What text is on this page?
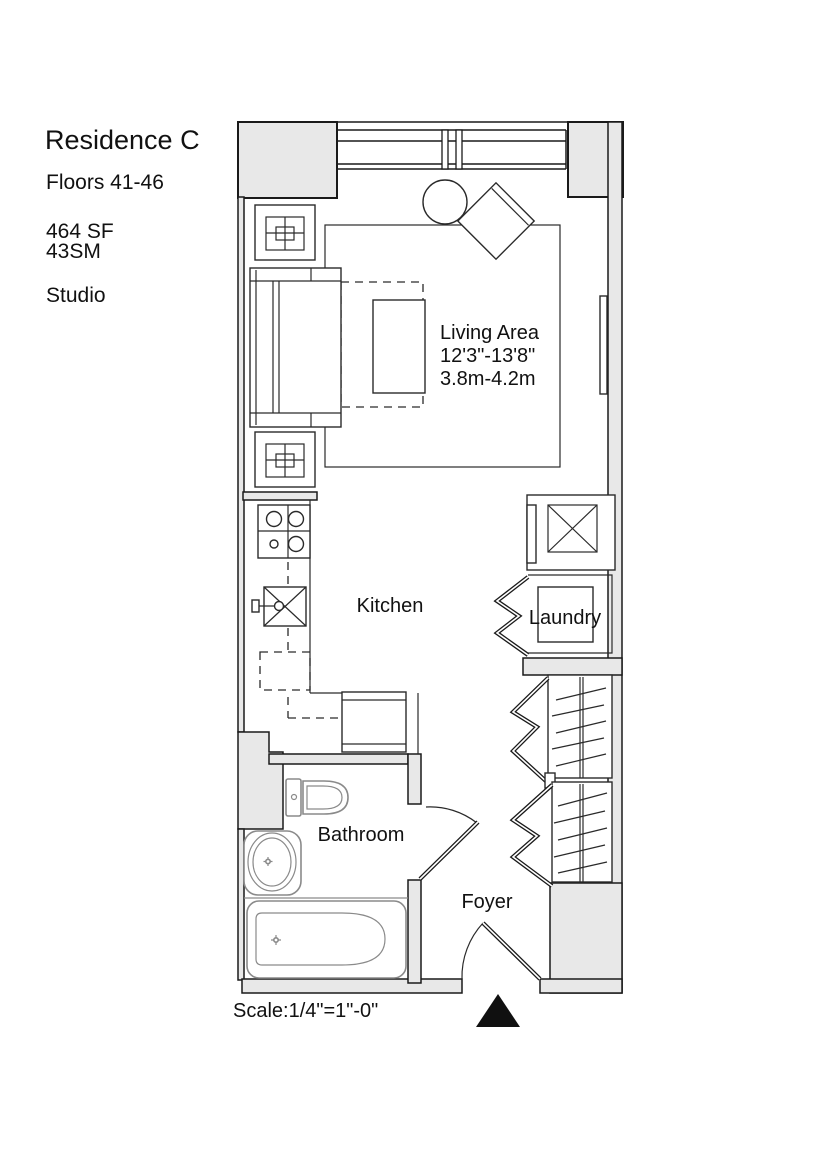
Residence C
Floors 41-46
464 SF
43SM
Studio
Living Area
12'3"-13'8"
3.8m-4.2m
Kitchen
Laundry
Bathroom
Foyer
Scale:1/4"=1"-0"
